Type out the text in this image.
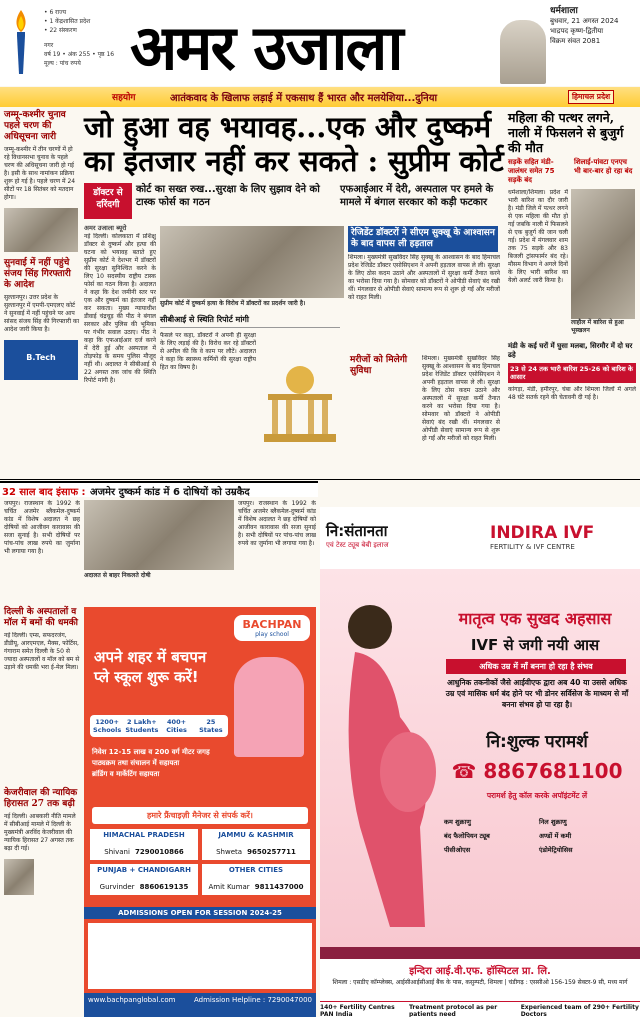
• 6 राज्य
• 1 केंद्रशासित प्रदेश
• 22 संस्करण
नगर
वर्ष 19 • अंक 255 • पृष्ठ 16
मूल्य : पांच रुपये अमर उजाला	धर्मशाला
बुधवार, 21 अगस्त 2024
भाद्रपद कृष्ण-द्वितीया
विक्रम संवत 2081
सहयोग	आतंकवाद के खिलाफ लड़ाई में एकसाथ हैं भारत और मलयेशिया...दुनिया	हिमाचल प्रदेश
जम्मू-कश्मीर चुनाव पहले चरण की अधिसूचना जारी

जम्मू-कश्मीर में तीन चरणों में हो रहे विधानसभा चुनाव के पहले चरण की अधिसूचना जारी हो गई है। इसी के साथ नामांकन प्रक्रिया शुरू हो गई है। पहले चरण में 24 सीटों पर 18 सितंबर को मतदान होगा।

सुनवाई में नहीं पहुंचे संजय सिंह गिरफ्तारी के आदेश

सुल्तानपुर। उत्तर प्रदेश के सुल्तानपुर में एमपी-एमएलए कोर्ट ने सुनवाई में नहीं पहुंचने पर आप सांसद संजय सिंह की गिरफ्तारी का आदेश जारी किया है।

B.Tech
जो हुआ वह भयावह...एक और दुष्कर्म
का इंतजार नहीं कर सकते : सुप्रीम कोर्ट
डॉक्टर से दरिंदगी
कोर्ट का सख्त रुख...सुरक्षा के लिए सुझाव देने को टास्क फोर्स का गठन
एफआईआर में देरी, अस्पताल पर हमले के मामले में बंगाल सरकार को कड़ी फटकार
अमर उजाला ब्यूरो
नई दिल्ली। कोलकाता में प्रशिक्षु डॉक्टर से दुष्कर्म और हत्या की घटना को भयावह बताते हुए सुप्रीम कोर्ट ने देशभर में डॉक्टरों की सुरक्षा सुनिश्चित करने के लिए 10 सदस्यीय राष्ट्रीय टास्क फोर्स का गठन किया है। अदालत ने कहा कि देश जमीनी स्तर पर एक और दुष्कर्म का इंतजार नहीं कर सकता। मुख्य न्यायाधीश डीवाई चंद्रचूड़ की पीठ ने बंगाल सरकार और पुलिस की भूमिका पर गंभीर सवाल उठाए। पीठ ने कहा कि एफआईआर दर्ज करने में देरी हुई और अस्पताल में तोड़फोड़ के समय पुलिस मौजूद नहीं थी। अदालत ने सीबीआई से 22 अगस्त तक जांच की स्थिति रिपोर्ट मांगी है।
सुप्रीम कोर्ट में दुष्कर्म हत्या के विरोध में डॉक्टरों का प्रदर्शन जारी है।
सीबीआई से स्थिति रिपोर्ट मांगी
फैसले पर कहा, डॉक्टरों ने अपनी ही सुरक्षा के लिए लड़ाई की है। विरोध कर रहे डॉक्टरों से अपील की कि वे काम पर लौटें। अदालत ने कहा कि स्वास्थ्य कर्मियों की सुरक्षा राष्ट्रीय हित का विषय है।
रेजिडेंट डॉक्टरों ने सीएम सुक्खू के आश्वासन के बाद वापस ली हड़ताल
शिमला। मुख्यमंत्री सुखविंदर सिंह सुक्खू के आश्वासन के बाद हिमाचल प्रदेश रेजिडेंट डॉक्टर एसोसिएशन ने अपनी हड़ताल वापस ले ली। सुरक्षा के लिए ठोस कदम उठाने और अस्पतालों में सुरक्षा कर्मी तैनात करने का भरोसा दिया गया है। सोमवार को डॉक्टरों ने ओपीडी सेवाएं बंद रखी थीं। मंगलवार से ओपीडी सेवाएं सामान्य रूप से शुरू हो गईं और मरीजों को राहत मिली।
मरीजों को मिलेगी सुविधा
शिमला। मुख्यमंत्री सुखविंदर सिंह सुक्खू के आश्वासन के बाद हिमाचल प्रदेश रेजिडेंट डॉक्टर एसोसिएशन ने अपनी हड़ताल वापस ले ली। सुरक्षा के लिए ठोस कदम उठाने और अस्पतालों में सुरक्षा कर्मी तैनात करने का भरोसा दिया गया है। सोमवार को डॉक्टरों ने ओपीडी सेवाएं बंद रखी थीं। मंगलवार से ओपीडी सेवाएं सामान्य रूप से शुरू हो गईं और मरीजों को राहत मिली।
महिला की पत्थर लगने, नाली में फिसलने से बुजुर्ग की मौत
सड़कें सहित मंडी-जालंधर समेत 75 सड़कें बंद
शिलाई-पांवटा एनएच भी बार-बार हो रहा बंद
धर्मशाला/शिमला। प्रदेश में भारी बारिश का दौर जारी है। मंडी जिले में पत्थर लगने से एक महिला की मौत हो गई जबकि नाली में फिसलने से एक बुजुर्ग की जान चली गई। प्रदेश में मंगलवार शाम तक 75 सड़कें और 83 बिजली ट्रांसफार्मर बंद रहे। मौसम विभाग ने अगले दिनों के लिए भारी बारिश का येलो अलर्ट जारी किया है।
लाहौल में बारिश से हुआ भूस्खलन
मंडी के कई घरों में घुसा मलबा, सिरमौर में दो घर ढहे
23 से 24 तक भारी बारिश 25-26 को बारिश के आसार
कांगड़ा, मंडी, हमीरपुर, चंबा और शिमला जिलों में अगले 48 घंटे सतर्क रहने की चेतावनी दी गई है।
32 साल बाद इंसाफ : अजमेर दुष्कर्म कांड में 6 दोषियों को उम्रकैद
जयपुर। राजस्थान के 1992 के चर्चित अजमेर ब्लैकमेल-दुष्कर्म कांड में विशेष अदालत ने छह दोषियों को आजीवन कारावास की सजा सुनाई है। सभी दोषियों पर पांच-पांच लाख रुपये का जुर्माना भी लगाया गया है।
अदालत से बाहर निकलते दोषी
जयपुर। राजस्थान के 1992 के चर्चित अजमेर ब्लैकमेल-दुष्कर्म कांड में विशेष अदालत ने छह दोषियों को आजीवन कारावास की सजा सुनाई है। सभी दोषियों पर पांच-पांच लाख रुपये का जुर्माना भी लगाया गया है।
दिल्ली के अस्पतालों व मॉल में बमों की धमकी

नई दिल्ली। एम्स, सफदरजंग, डीडीयू, आरएमएल, मैक्स, फोर्टिस, गंगाराम समेत दिल्ली के 50 से ज्यादा अस्पतालों व मॉल को बम से उड़ाने की धमकी भरा ई-मेल मिला।

केजरीवाल की न्यायिक हिरासत 27 तक बढ़ी

नई दिल्ली। आबकारी नीति मामले में सीबीआई मामले में दिल्ली के मुख्यमंत्री अरविंद केजरीवाल की न्यायिक हिरासत 27 अगस्त तक बढ़ा दी गई।

BACHPAN
play school
अपने शहर में बचपन प्ले स्कूल शुरू करें!
1200+ Schools
2 Lakh+ Students
400+ Cities
25 States
निवेश 12-15 लाख व 200 वर्ग मीटर जगह
पाठ्यक्रम तथा संचालन में सहायता
ब्रांडिंग व मार्केटिंग सहायता
हमारे फ्रैंचाइज़ी मैनेजर से संपर्क करें।
HIMACHAL PRADESH
Shivani 7290010866
JAMMU & KASHMIR
Shweta 9650257711
PUNJAB + CHANDIGARH
Gurvinder 8860619135
OTHER CITIES
Amit Kumar 9811437000
ADMISSIONS OPEN FOR SESSION 2024-25
www.bachpanglobal.com	Admission Helpline : 7290047000
नि:संतानता
एवं टेस्ट ट्यूब बेबी इलाज
INDIRA IVF
FERTILITY & IVF CENTRE
मातृत्व एक सुखद अहसास
IVF से जगी नयी आस
अधिक उम्र में माँ बनना हो रहा है संभव
आधुनिक तकनीकों जैसे आईवीएफ द्वारा अब 40 या उससे अधिक उम्र एवं मासिक धर्म बंद होने पर भी डोनर सर्विसेज के माध्यम से माँ बनना संभव हो पा रहा है।
नि:शुल्क परामर्श
☎ 8867681100
परामर्श हेतु कॉल करके अपॉइंटमेंट लें
कम शुक्राणु	निल शुक्राणु
बंद फैलोपियन ट्यूब	अण्डों में कमी
पीसीओएस	एंडोमेट्रियोसिस
इन्दिरा आई.वी.एफ. हॉस्पिटल प्रा. लि.
शिमला : एसडीए कॉम्प्लेक्स, आईसीआईसीआई बैंक के पास, कसुम्पटी, शिमला | चंडीगढ़ : एससीओ 156-159 सेक्टर-9 सी, मध्य मार्ग
140+ Fertility Centres PAN India
Treatment protocol as per patients need
Experienced team of 290+ Fertility Doctors
